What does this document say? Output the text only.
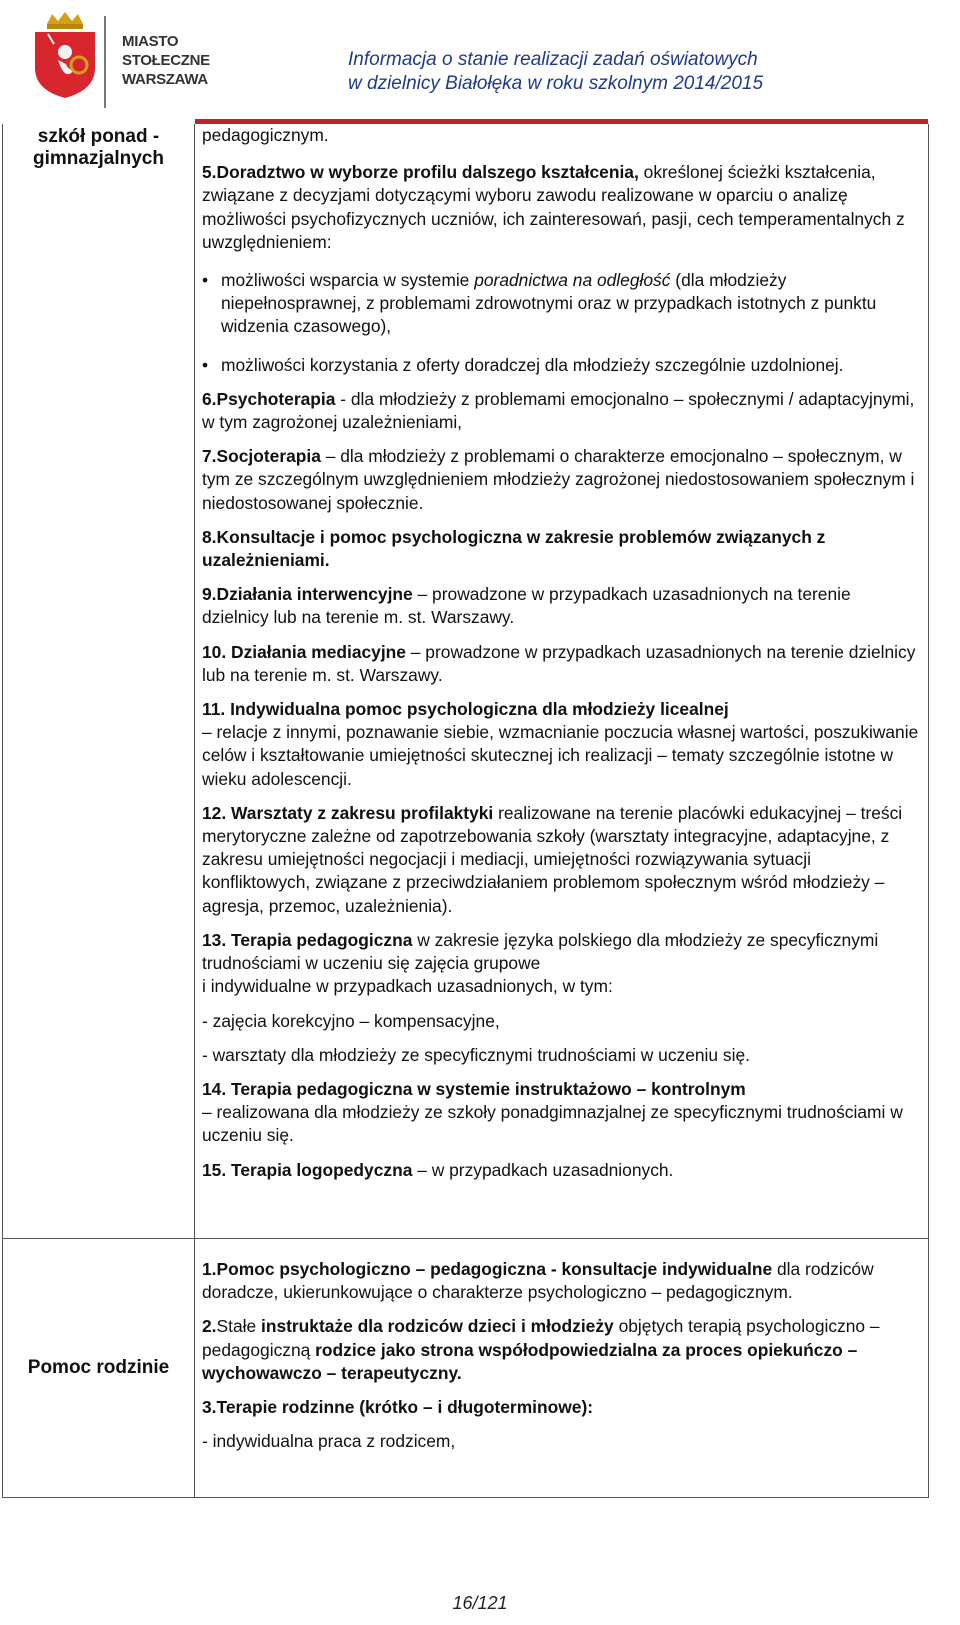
MIASTO
STOŁECZNE
WARSZAWA
Informacja o stanie realizacji zadań oświatowych
w dzielnicy Białołęka w roku szkolnym 2014/2015
szkół ponad - gimnazjalnych

pedagogicznym.

5.Doradztwo w wyborze profilu dalszego kształcenia, określonej ścieżki kształcenia, związane z decyzjami dotyczącymi wyboru zawodu realizowane w oparciu o analizę możliwości psychofizycznych uczniów, ich zainteresowań, pasji, cech temperamentalnych z uwzględnieniem:

• możliwości wsparcia w systemie poradnictwa na odległość (dla młodzieży niepełnosprawnej, z problemami zdrowotnymi oraz w przypadkach istotnych z punktu widzenia czasowego),

• możliwości korzystania z oferty doradczej dla młodzieży szczególnie uzdolnionej.

6.Psychoterapia - dla młodzieży z problemami emocjonalno – społecznymi / adaptacyjnymi, w tym zagrożonej uzależnieniami,

7.Socjoterapia – dla młodzieży z problemami o charakterze emocjonalno – społecznym, w tym ze szczególnym uwzględnieniem młodzieży zagrożonej niedostosowaniem społecznym i niedostosowanej społecznie.

8.Konsultacje i pomoc psychologiczna w zakresie problemów związanych z uzależnieniami.

9.Działania interwencyjne – prowadzone w przypadkach uzasadnionych na terenie dzielnicy lub na terenie m. st. Warszawy.

10. Działania mediacyjne – prowadzone w przypadkach uzasadnionych na terenie dzielnicy lub na terenie m. st. Warszawy.

11. Indywidualna pomoc psychologiczna dla młodzieży licealnej
– relacje z innymi, poznawanie siebie, wzmacnianie poczucia własnej wartości, poszukiwanie celów i kształtowanie umiejętności skutecznej ich realizacji – tematy szczególnie istotne w wieku adolescencji.

12. Warsztaty z zakresu profilaktyki realizowane na terenie placówki edukacyjnej – treści merytoryczne zależne od zapotrzebowania szkoły (warsztaty integracyjne, adaptacyjne, z zakresu umiejętności negocjacji i mediacji, umiejętności rozwiązywania sytuacji konfliktowych, związane z przeciwdziałaniem problemom społecznym wśród młodzieży – agresja, przemoc, uzależnienia).

13. Terapia pedagogiczna w zakresie języka polskiego dla młodzieży ze specyficznymi trudnościami w uczeniu się zajęcia grupowe
i indywidualne w przypadkach uzasadnionych, w tym:

- zajęcia korekcyjno – kompensacyjne,

- warsztaty dla młodzieży ze specyficznymi trudnościami w uczeniu się.

14. Terapia pedagogiczna w systemie instruktażowo – kontrolnym
– realizowana dla młodzieży ze szkoły ponadgimnazjalnej ze specyficznymi trudnościami w uczeniu się.

15. Terapia logopedyczna – w przypadkach uzasadnionych.

Pomoc rodzinie

1.Pomoc psychologiczno – pedagogiczna - konsultacje indywidualne dla rodziców doradcze, ukierunkowujące o charakterze psychologiczno – pedagogicznym.

2.Stałe instruktaże dla rodziców dzieci i młodzieży objętych terapią psychologiczno – pedagogiczną rodzice jako strona współodpowiedzialna za proces opiekuńczo – wychowawczo – terapeutyczny.

3.Terapie rodzinne (krótko – i długoterminowe):

- indywidualna praca z rodzicem,

16/121
